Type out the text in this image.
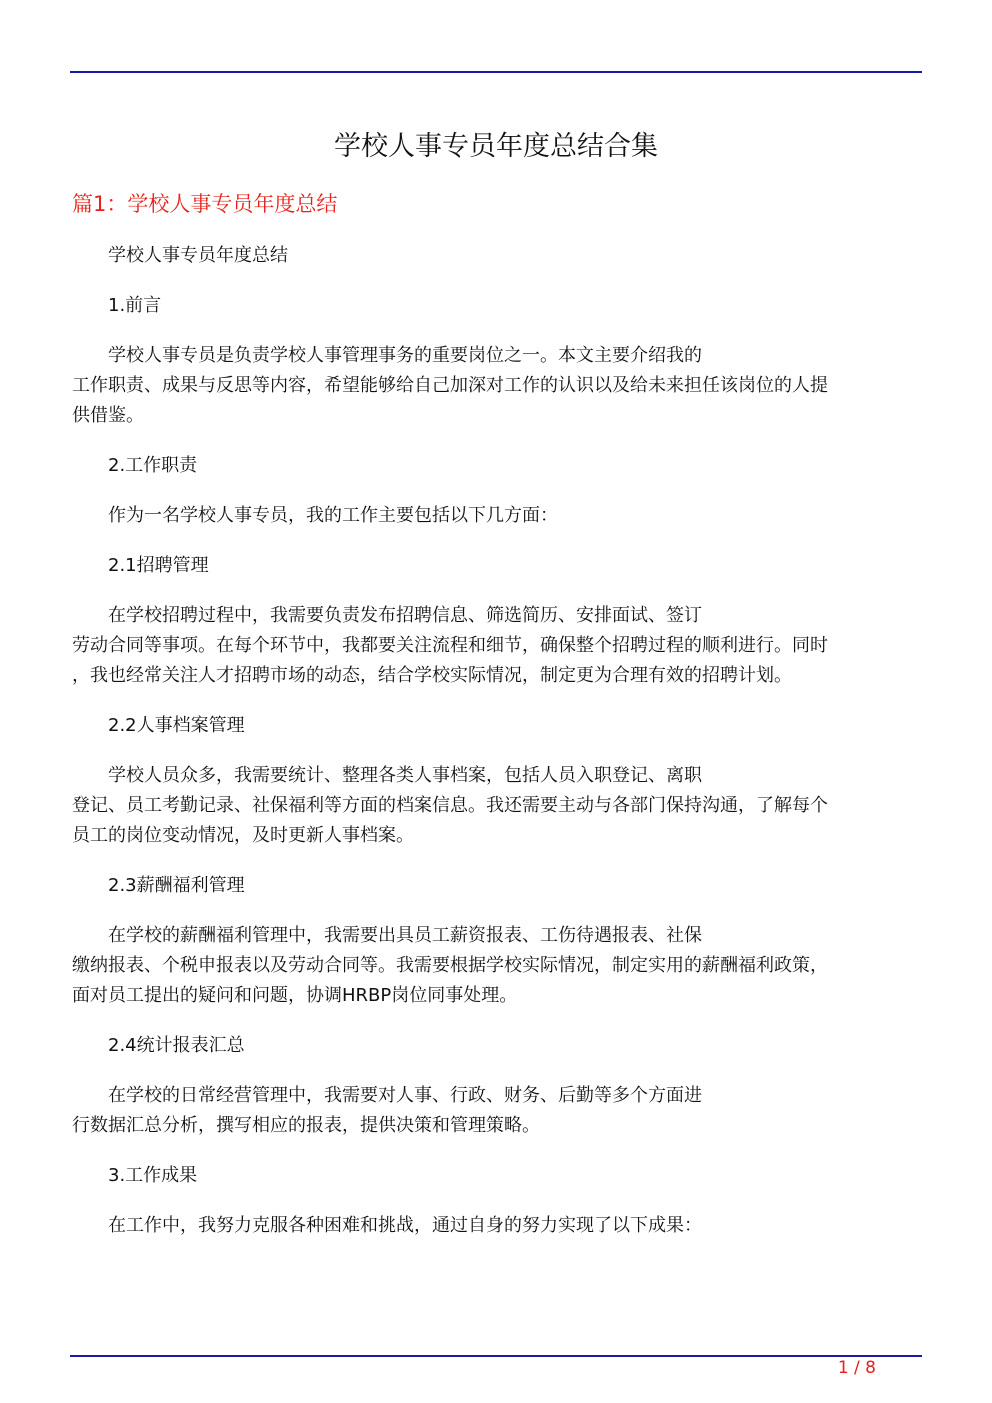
学校人事专员年度总结合集
篇1：学校人事专员年度总结
学校人事专员年度总结
1.前言
学校人事专员是负责学校人事管理事务的重要岗位之一。本文主要介绍我的
工作职责、成果与反思等内容，希望能够给自己加深对工作的认识以及给未来担任该岗位的人提
供借鉴。
2.工作职责
作为一名学校人事专员，我的工作主要包括以下几方面：
2.1招聘管理
在学校招聘过程中，我需要负责发布招聘信息、筛选简历、安排面试、签订
劳动合同等事项。在每个环节中，我都要关注流程和细节，确保整个招聘过程的顺利进行。同时
，我也经常关注人才招聘市场的动态，结合学校实际情况，制定更为合理有效的招聘计划。
2.2人事档案管理
学校人员众多，我需要统计、整理各类人事档案，包括人员入职登记、离职
登记、员工考勤记录、社保福利等方面的档案信息。我还需要主动与各部门保持沟通，了解每个
员工的岗位变动情况，及时更新人事档案。
2.3薪酬福利管理
在学校的薪酬福利管理中，我需要出具员工薪资报表、工伤待遇报表、社保
缴纳报表、个税申报表以及劳动合同等。我需要根据学校实际情况，制定实用的薪酬福利政策，
面对员工提出的疑问和问题，协调HRBP岗位同事处理。
2.4统计报表汇总
在学校的日常经营管理中，我需要对人事、行政、财务、后勤等多个方面进
行数据汇总分析，撰写相应的报表，提供决策和管理策略。
3.工作成果
在工作中，我努力克服各种困难和挑战，通过自身的努力实现了以下成果：
1 / 8
